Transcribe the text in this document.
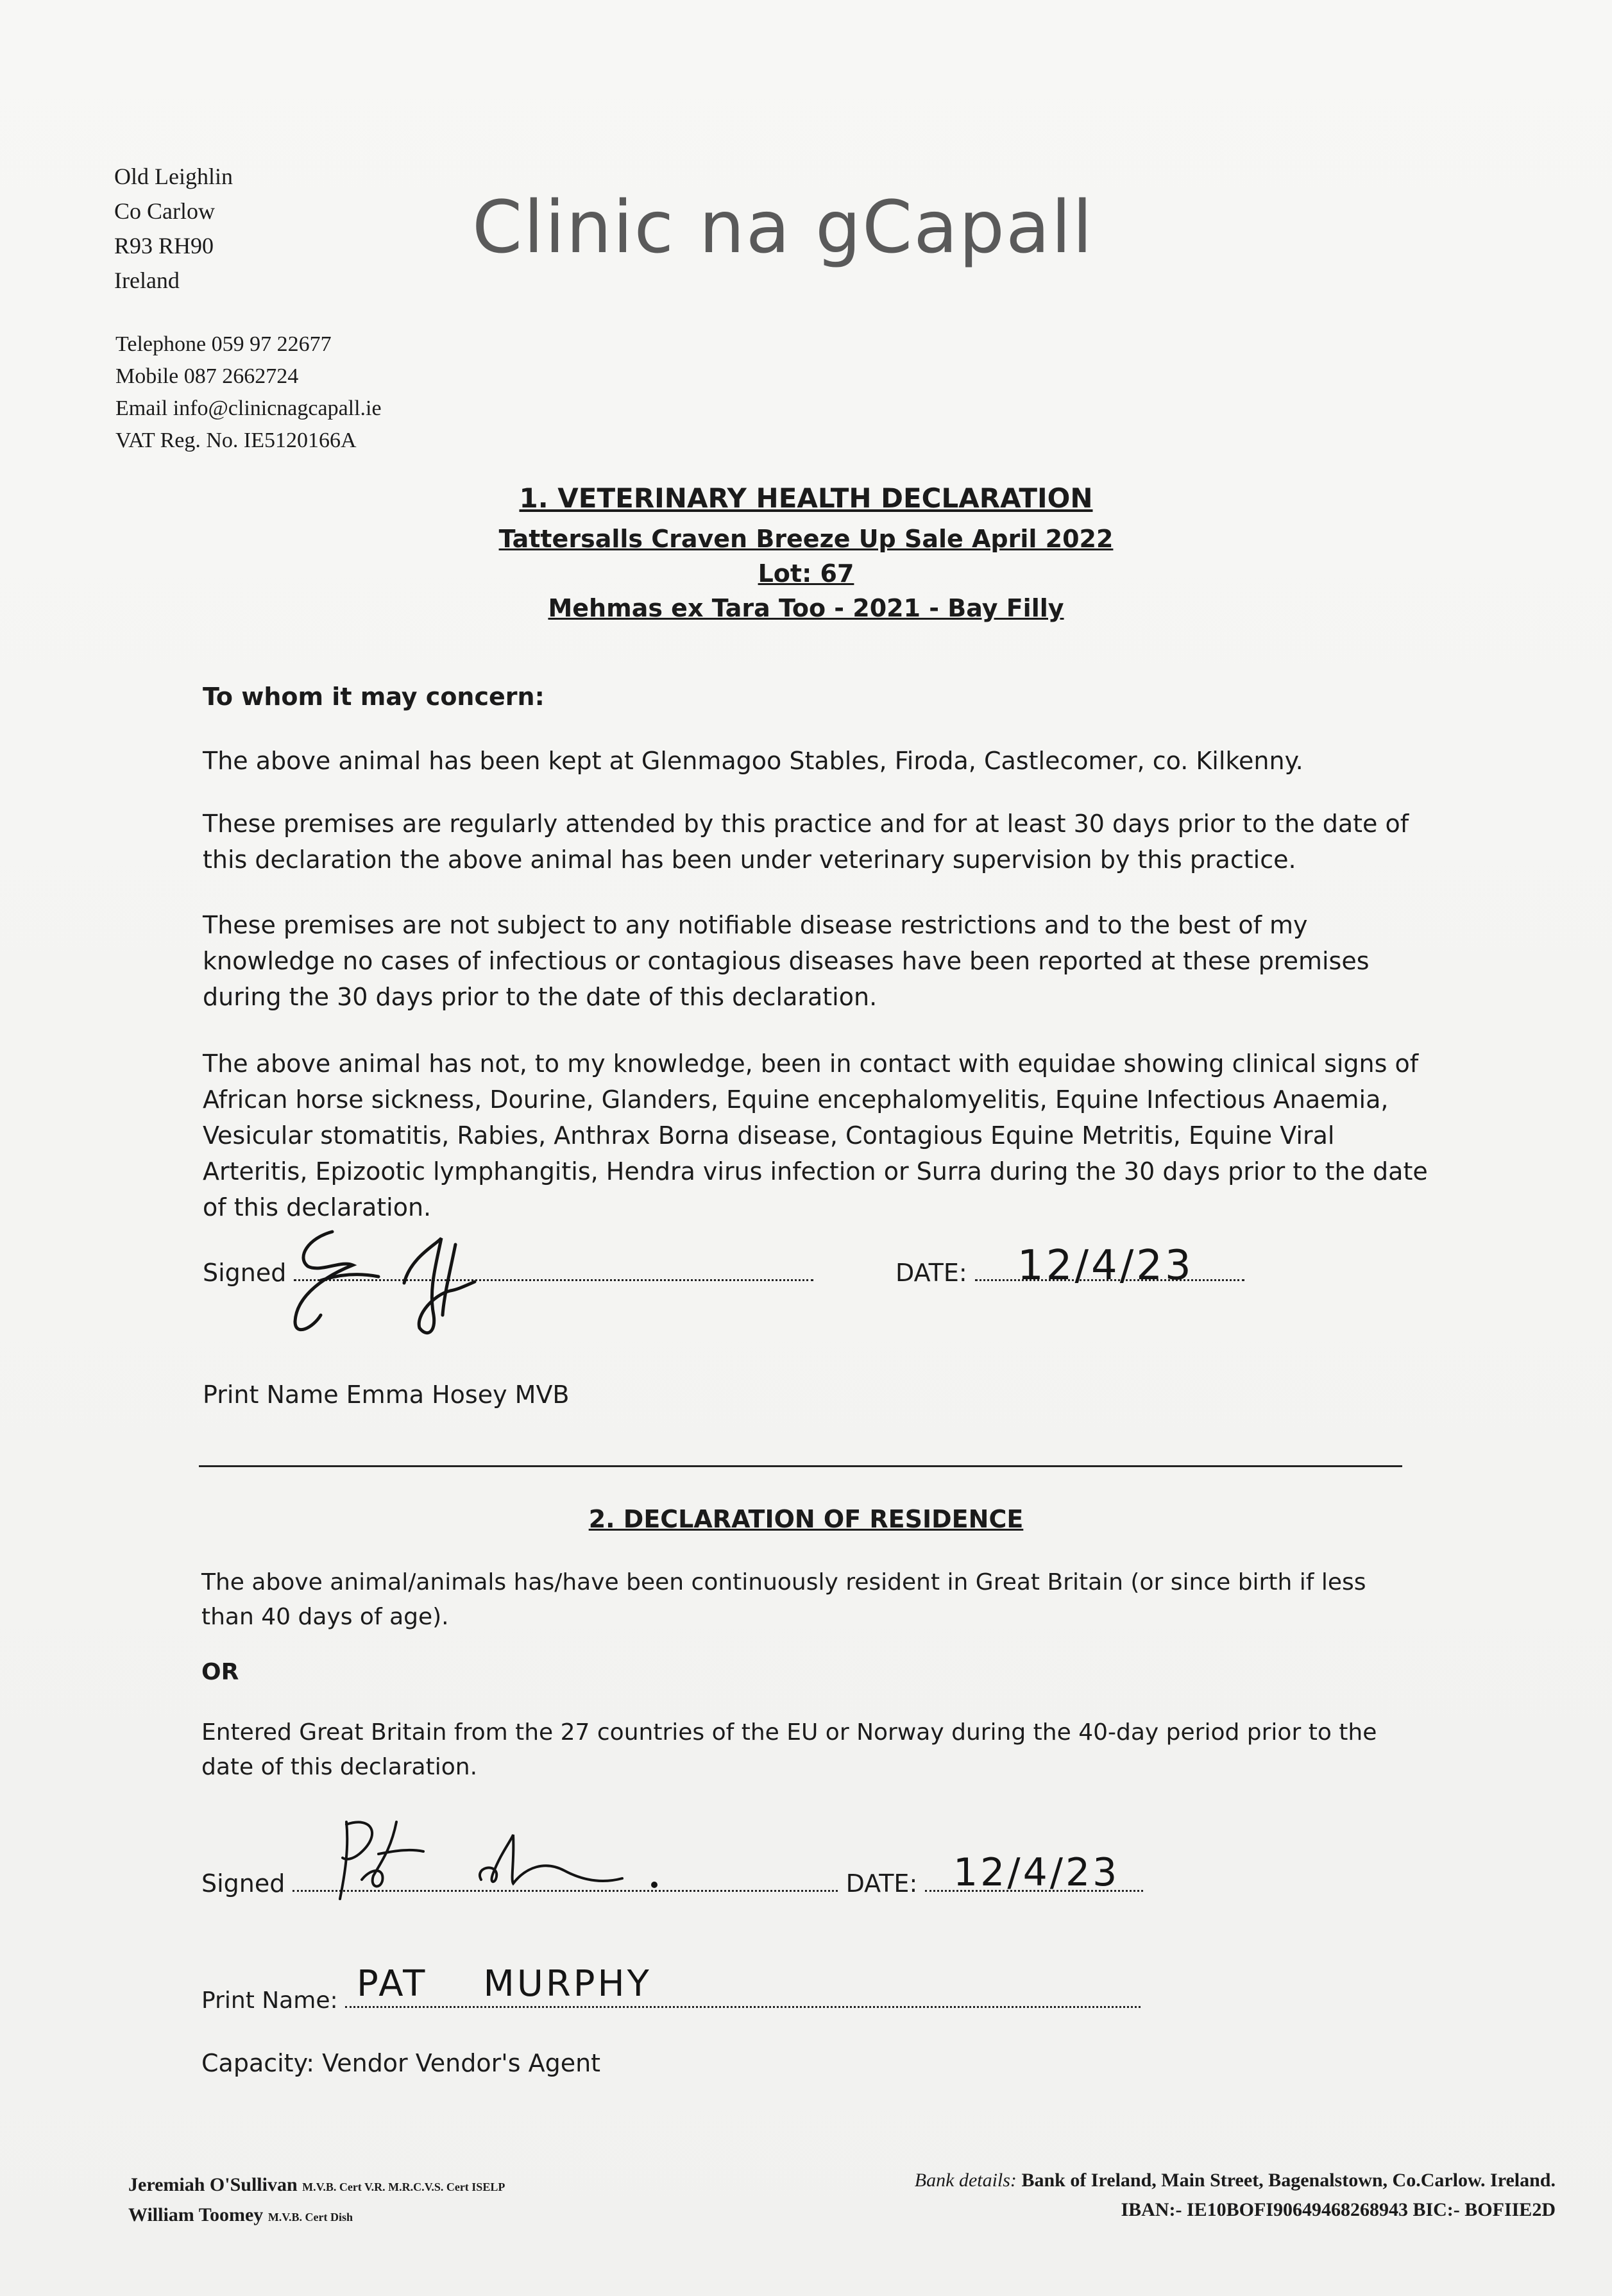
Old Leighlin
Co Carlow
R93 RH90
Ireland
Telephone 059 97 22677
Mobile 087 2662724
Email info@clinicnagcapall.ie
VAT Reg. No. IE5120166A
Clinic na gCapall
1. VETERINARY HEALTH DECLARATION
Tattersalls Craven Breeze Up Sale April 2022
Lot: 67
Mehmas ex Tara Too - 2021 - Bay Filly
To whom it may concern:

The above animal has been kept at Glenmagoo Stables, Firoda, Castlecomer, co. Kilkenny.

These premises are regularly attended by this practice and for at least 30 days prior to the date of this declaration the above animal has been under veterinary supervision by this practice.

These premises are not subject to any notifiable disease restrictions and to the best of my knowledge no cases of infectious or contagious diseases have been reported at these premises during the 30 days prior to the date of this declaration.

The above animal has not, to my knowledge, been in contact with equidae showing clinical signs of African horse sickness, Dourine, Glanders, Equine encephalomyelitis, Equine Infectious Anaemia, Vesicular stomatitis, Rabies, Anthrax Borna disease, Contagious Equine Metritis, Equine Viral Arteritis, Epizootic lymphangitis, Hendra virus infection or Surra during the 30 days prior to the date of this declaration.

Signed	DATE:	12/4/23
Print Name Emma Hosey MVB
2. DECLARATION OF RESIDENCE
The above animal/animals has/have been continuously resident in Great Britain (or since birth if less than 40 days of age).
OR
Entered Great Britain from the 27 countries of the EU or Norway during the 40-day period prior to the date of this declaration.
Signed	DATE: 12/4/23
Print Name: PAT    MURPHY
Capacity: Vendor Vendor's Agent
Jeremiah O'Sullivan M.V.B. Cert V.R. M.R.C.V.S. Cert ISELP
William Toomey M.V.B. Cert Dish
Bank details: Bank of Ireland, Main Street, Bagenalstown, Co.Carlow. Ireland.
IBAN:- IE10BOFI90649468268943 BIC:- BOFIIE2D
